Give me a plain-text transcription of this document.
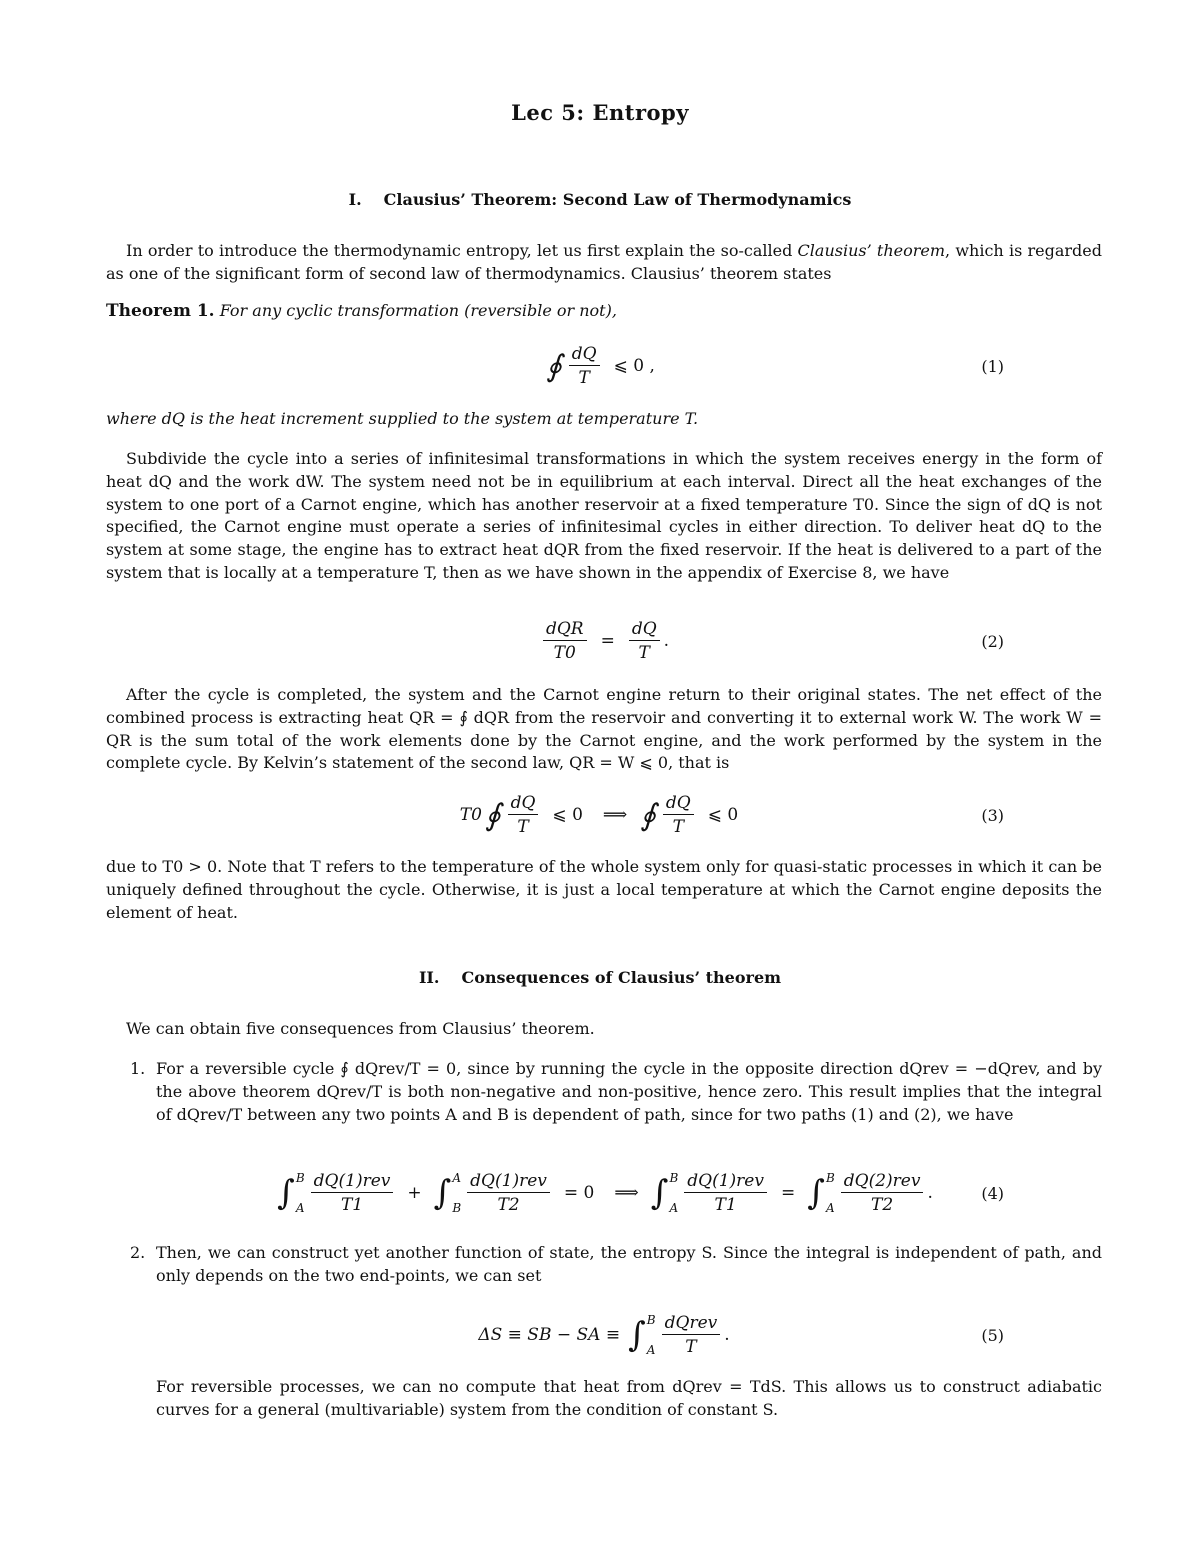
Lec 5: Entropy
I. Clausius’ Theorem: Second Law of Thermodynamics
In order to introduce the thermodynamic entropy, let us first explain the so-called Clausius’ theorem, which is regarded as one of the significant form of second law of thermodynamics. Clausius’ theorem states
Theorem 1. For any cyclic transformation (reversible or not),
∮ $\frac{dQ}{T}$ ⩽ 0 ,	(1)
where dQ is the heat increment supplied to the system at temperature T.
Subdivide the cycle into a series of infinitesimal transformations in which the system receives energy in the form of heat dQ and the work dW. The system need not be in equilibrium at each interval. Direct all the heat exchanges of the system to one port of a Carnot engine, which has another reservoir at a fixed temperature T0. Since the sign of dQ is not specified, the Carnot engine must operate a series of infinitesimal cycles in either direction. To deliver heat dQ to the system at some stage, the engine has to extract heat dQR from the fixed reservoir. If the heat is delivered to a part of the system that is locally at a temperature T, then as we have shown in the appendix of Exercise 8, we have
$\frac{\text{dQR}}{T0} = \frac{dQ}{T}$ .	(2)
After the cycle is completed, the system and the Carnot engine return to their original states. The net effect of the combined process is extracting heat QR = ∮ dQR from the reservoir and converting it to external work W. The work W = QR is the sum total of the work elements done by the Carnot engine, and the work performed by the system in the complete cycle. By Kelvin’s statement of the second law, QR = W ⩽ 0, that is
T0 ∮ $\frac{dQ}{T}$ ⩽ 0 ⟹ ∮ $\frac{dQ}{T}$ ⩽ 0	(3)
due to T0 > 0. Note that T refers to the temperature of the whole system only for quasi-static processes in which it can be uniquely defined throughout the cycle. Otherwise, it is just a local temperature at which the Carnot engine deposits the element of heat.
II. Consequences of Clausius’ theorem
We can obtain five consequences from Clausius’ theorem.
1. For a reversible cycle ∮ dQrev/T = 0, since by running the cycle in the opposite direction dQrev = −dQrev, and by the above theorem dQrev/T is both non-negative and non-positive, hence zero. This result implies that the integral of dQrev/T between any two points A and B is dependent of path, since for two paths (1) and (2), we have
∫ B
A $\frac{\text{dQ(1)rev}}{T1}$ + ∫ A
B $\frac{\text{dQ(1)rev}}{T2} = 0$ ⟹ ∫ B
A $\frac{\text{dQ(1)rev}}{T1}$ = ∫ B
A $\frac{\text{dQ(2)rev}}{T2}$ .	(4)
2. Then, we can construct yet another function of state, the entropy S. Since the integral is independent of path, and only depends on the two end-points, we can set
ΔS ≡ SB − SA ≡ ∫ B
A $\frac{\text{dQrev}}{T}$ .	(5)
For reversible processes, we can no compute that heat from dQrev = TdS. This allows us to construct adiabatic curves for a general (multivariable) system from the condition of constant S.
